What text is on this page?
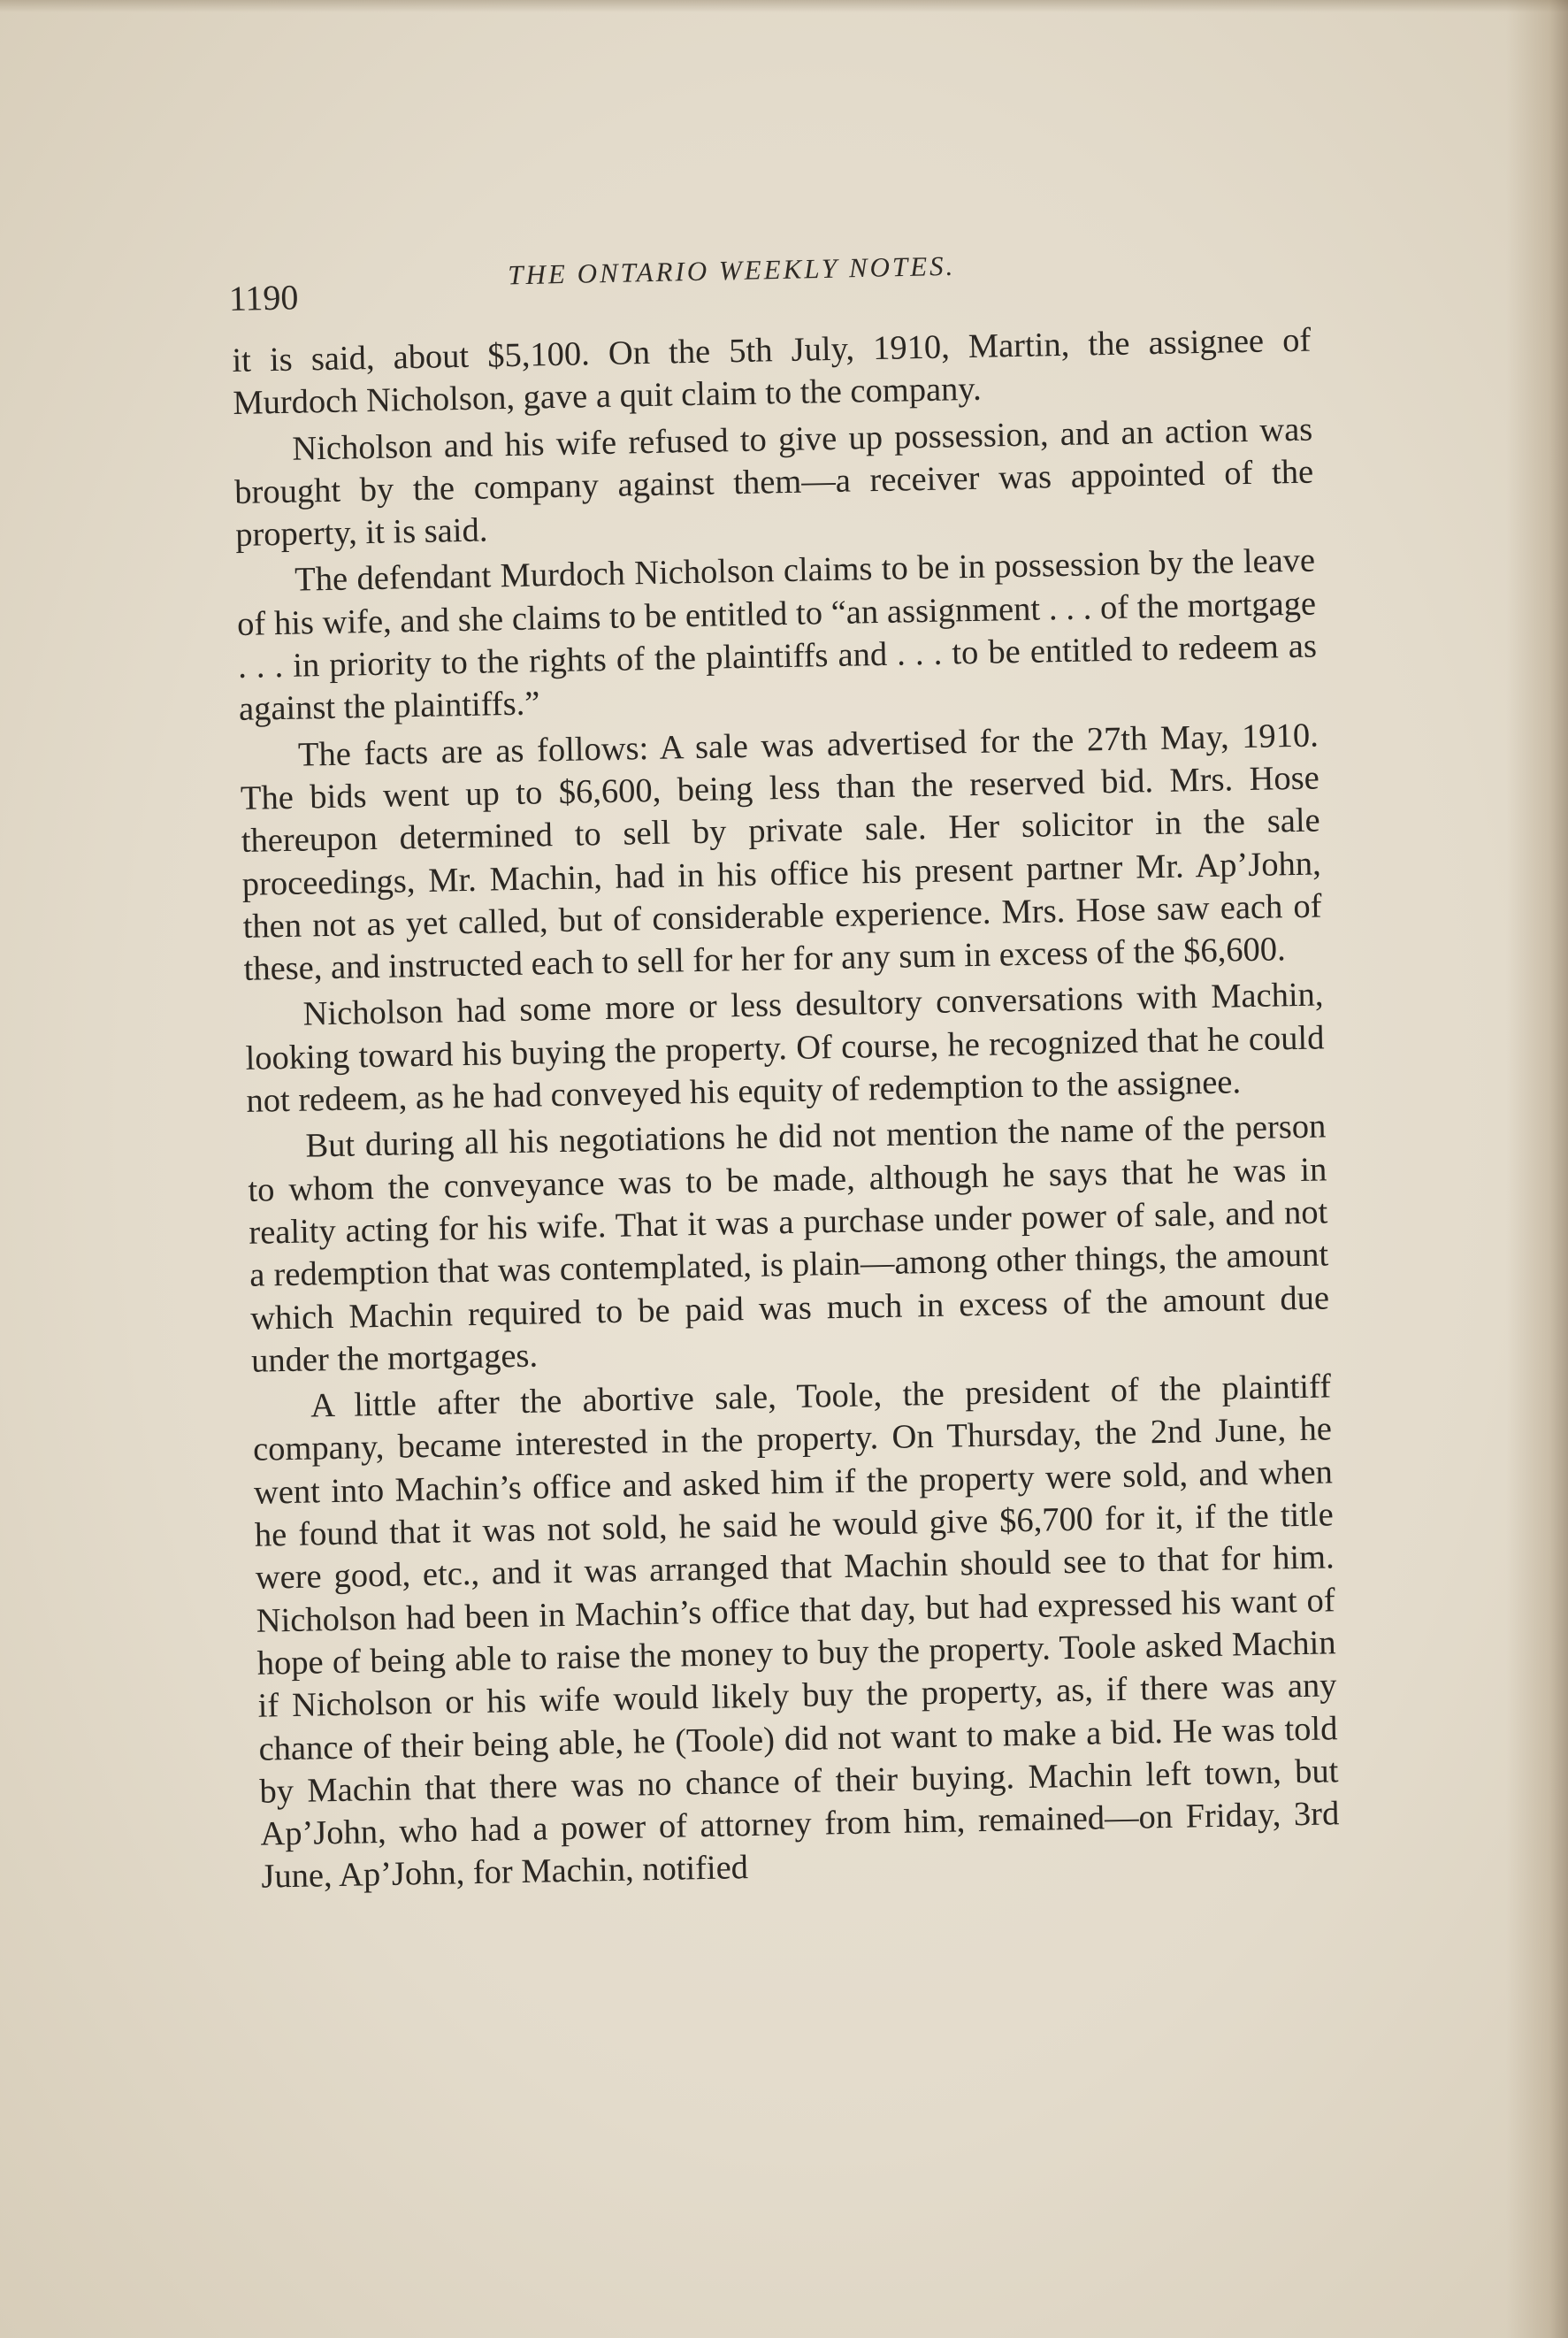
1190
THE ONTARIO WEEKLY NOTES.

it is said, about $5,100. On the 5th July, 1910, Martin, the assignee of Murdoch Nicholson, gave a quit claim to the company.

Nicholson and his wife refused to give up possession, and an action was brought by the company against them—a receiver was appointed of the property, it is said.

The defendant Murdoch Nicholson claims to be in possession by the leave of his wife, and she claims to be entitled to “an assignment . . . of the mortgage . . . in priority to the rights of the plaintiffs and . . . to be entitled to redeem as against the plaintiffs.”

The facts are as follows: A sale was advertised for the 27th May, 1910. The bids went up to $6,600, being less than the reserved bid. Mrs. Hose thereupon determined to sell by private sale. Her solicitor in the sale proceedings, Mr. Machin, had in his office his present partner Mr. Ap’John, then not as yet called, but of considerable experience. Mrs. Hose saw each of these, and instructed each to sell for her for any sum in excess of the $6,600.

Nicholson had some more or less desultory conversations with Machin, looking toward his buying the property. Of course, he recognized that he could not redeem, as he had conveyed his equity of redemption to the assignee.

But during all his negotiations he did not mention the name of the person to whom the conveyance was to be made, although he says that he was in reality acting for his wife. That it was a purchase under power of sale, and not a redemption that was contemplated, is plain—among other things, the amount which Machin required to be paid was much in excess of the amount due under the mortgages.

A little after the abortive sale, Toole, the president of the plaintiff company, became interested in the property. On Thursday, the 2nd June, he went into Machin’s office and asked him if the property were sold, and when he found that it was not sold, he said he would give $6,700 for it, if the title were good, etc., and it was arranged that Machin should see to that for him. Nicholson had been in Machin’s office that day, but had expressed his want of hope of being able to raise the money to buy the property. Toole asked Machin if Nicholson or his wife would likely buy the property, as, if there was any chance of their being able, he (Toole) did not want to make a bid. He was told by Machin that there was no chance of their buying. Machin left town, but Ap’John, who had a power of attorney from him, remained—on Friday, 3rd June, Ap’John, for Machin, notified
